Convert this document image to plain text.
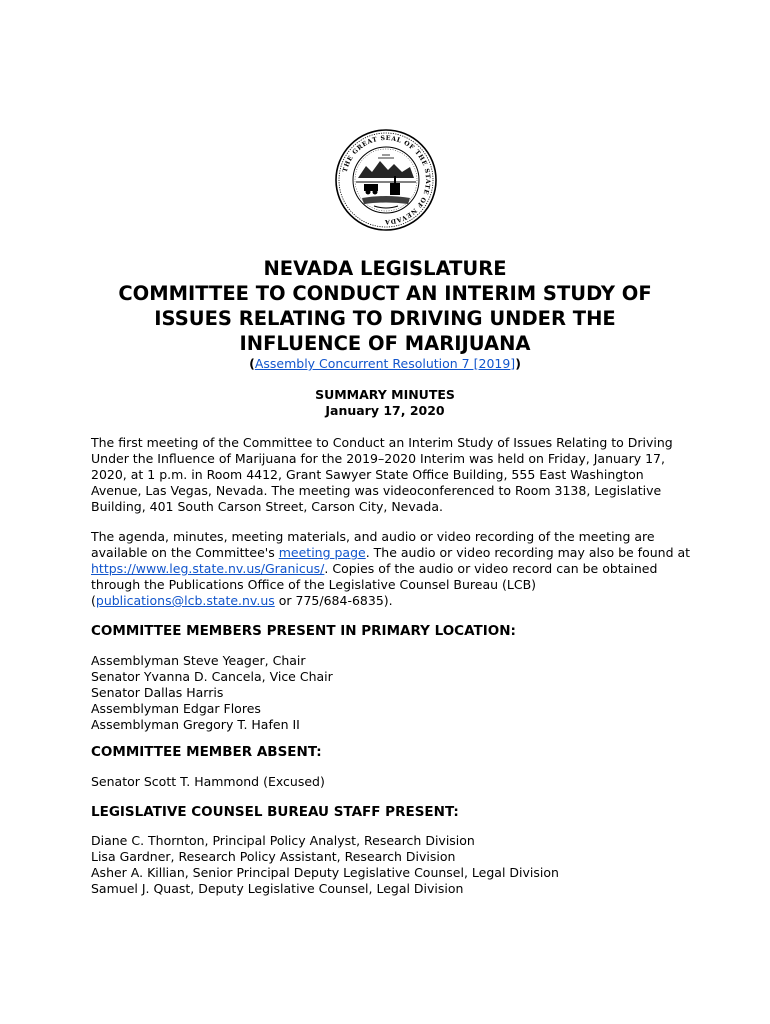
THE GREAT SEAL OF THE STATE OF NEVADA
NEVADA LEGISLATURE
COMMITTEE TO CONDUCT AN INTERIM STUDY OF
ISSUES RELATING TO DRIVING UNDER THE
INFLUENCE OF MARIJUANA
(Assembly Concurrent Resolution 7 [2019])
SUMMARY MINUTES
January 17, 2020

The first meeting of the Committee to Conduct an Interim Study of Issues Relating to Driving Under the Influence of Marijuana for the 2019–2020 Interim was held on Friday, January 17, 2020, at 1 p.m. in Room 4412, Grant Sawyer State Office Building, 555 East Washington Avenue, Las Vegas, Nevada. The meeting was videoconferenced to Room 3138, Legislative Building, 401 South Carson Street, Carson City, Nevada.

The agenda, minutes, meeting materials, and audio or video recording of the meeting are available on the Committee's meeting page. The audio or video recording may also be found at https://www.leg.state.nv.us/Granicus/. Copies of the audio or video record can be obtained through the Publications Office of the Legislative Counsel Bureau (LCB) (publications@lcb.state.nv.us or 775/684-6835).

COMMITTEE MEMBERS PRESENT IN PRIMARY LOCATION:
Assemblyman Steve Yeager, Chair
Senator Yvanna D. Cancela, Vice Chair
Senator Dallas Harris
Assemblyman Edgar Flores
Assemblyman Gregory T. Hafen II
COMMITTEE MEMBER ABSENT:
Senator Scott T. Hammond (Excused)
LEGISLATIVE COUNSEL BUREAU STAFF PRESENT:
Diane C. Thornton, Principal Policy Analyst, Research Division
Lisa Gardner, Research Policy Assistant, Research Division
Asher A. Killian, Senior Principal Deputy Legislative Counsel, Legal Division
Samuel J. Quast, Deputy Legislative Counsel, Legal Division
